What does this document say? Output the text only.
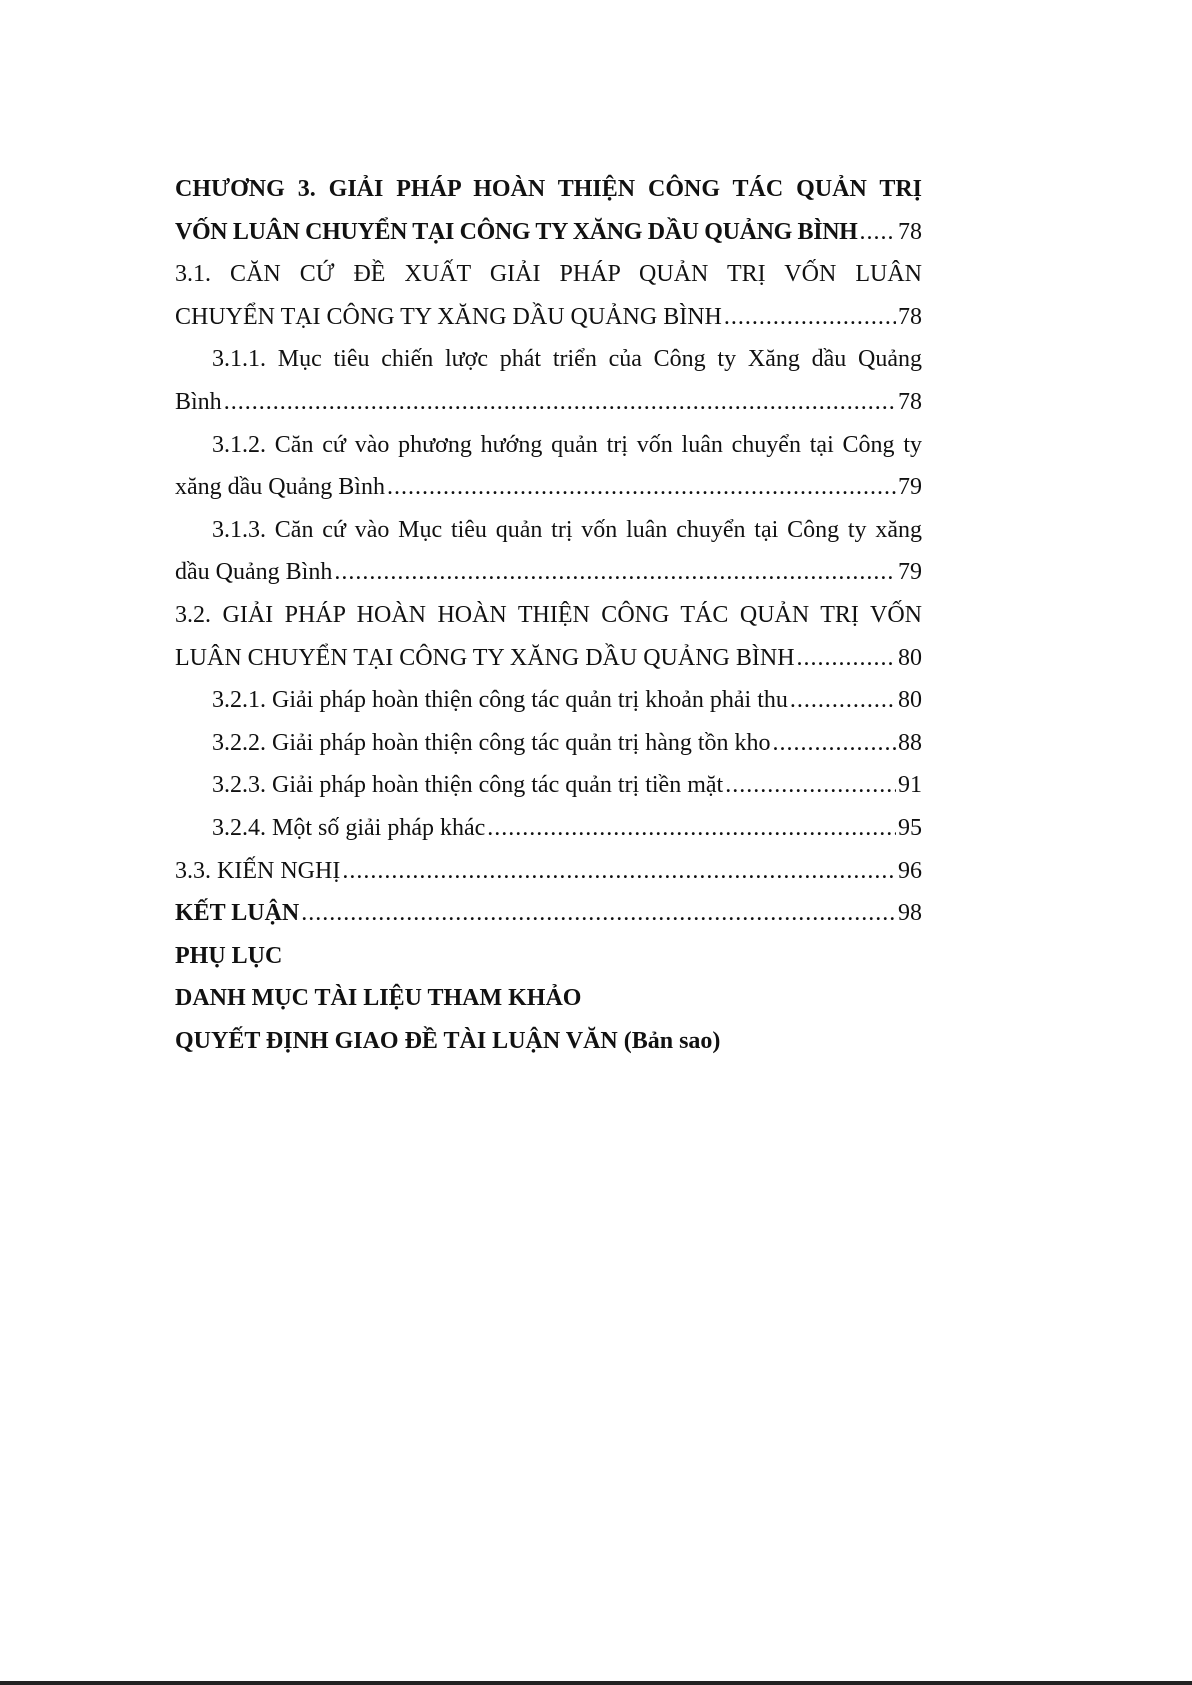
CHƯƠNG 3. GIẢI PHÁP HOÀN THIỆN CÔNG TÁC QUẢN TRỊ
VỐN LUÂN CHUYỂN TẠI CÔNG TY XĂNG DẦU QUẢNG BÌNH ..... 78
3.1. CĂN CỨ ĐỀ XUẤT GIẢI PHÁP QUẢN TRỊ VỐN LUÂN
CHUYỂN TẠI CÔNG TY XĂNG DẦU QUẢNG BÌNH .....	78
3.1.1. Mục tiêu chiến lược phát triển của Công ty Xăng dầu Quảng
Bình .....	78
3.1.2. Căn cứ vào phương hướng quản trị vốn luân chuyển tại Công ty
xăng dầu Quảng Bình .....	79
3.1.3. Căn cứ vào Mục tiêu quản trị vốn luân chuyển tại Công ty xăng
dầu Quảng Bình .....	79
3.2. GIẢI PHÁP HOÀN HOÀN THIỆN CÔNG TÁC QUẢN TRỊ VỐN
LUÂN CHUYỂN TẠI CÔNG TY XĂNG DẦU QUẢNG BÌNH .....	80
3.2.1. Giải pháp hoàn thiện công tác quản trị khoản phải thu .....	80
3.2.2. Giải pháp hoàn thiện công tác quản trị hàng tồn kho .....	88
3.2.3. Giải pháp hoàn thiện công tác quản trị tiền mặt .....	91
3.2.4. Một số giải pháp khác .....	95
3.3. KIẾN NGHỊ .....	96
KẾT LUẬN .....	98
PHỤ LỤC
DANH MỤC TÀI LIỆU THAM KHẢO
QUYẾT ĐỊNH GIAO ĐỀ TÀI LUẬN VĂN (Bản sao)
